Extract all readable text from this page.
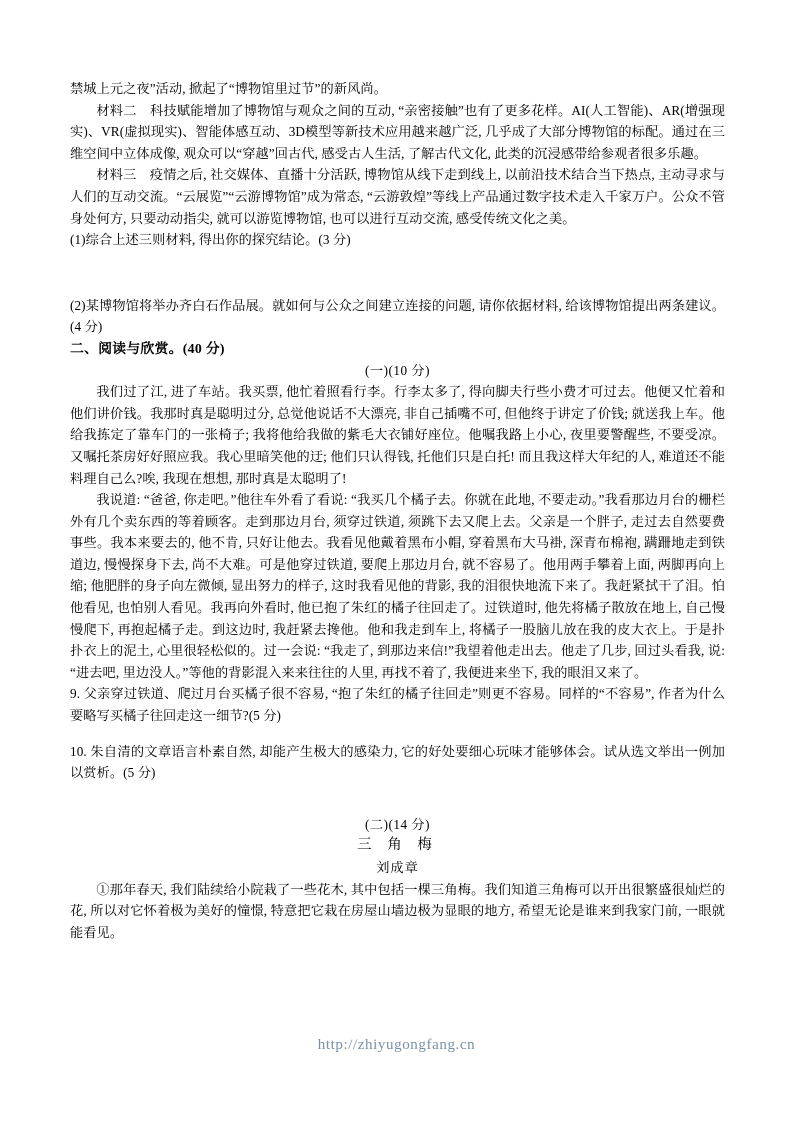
禁城上元之夜”活动, 掀起了“博物馆里过节”的新风尚。

材料二　科技赋能增加了博物馆与观众之间的互动, “亲密接触”也有了更多花样。AI(人工智能)、AR(增强现实)、VR(虚拟现实)、智能体感互动、3D模型等新技术应用越来越广泛, 几乎成了大部分博物馆的标配。通过在三维空间中立体成像, 观众可以“穿越”回古代, 感受古人生活, 了解古代文化, 此类的沉浸感带给参观者很多乐趣。

材料三　疫情之后, 社交媒体、直播十分活跃, 博物馆从线下走到线上, 以前沿技术结合当下热点, 主动寻求与人们的互动交流。“云展览”“云游博物馆”成为常态, “云游敦煌”等线上产品通过数字技术走入千家万户。公众不管身处何方, 只要动动指尖, 就可以游览博物馆, 也可以进行互动交流, 感受传统文化之美。

(1)综合上述三则材料, 得出你的探究结论。(3 分)

(2)某博物馆将举办齐白石作品展。就如何与公众之间建立连接的问题, 请你依据材料, 给该博物馆提出两条建议。(4 分)

二、阅读与欣赏。(40 分)

(一)(10 分)

我们过了江, 进了车站。我买票, 他忙着照看行李。行李太多了, 得向脚夫行些小费才可过去。他便又忙着和他们讲价钱。我那时真是聪明过分, 总觉他说话不大漂亮, 非自己插嘴不可, 但他终于讲定了价钱; 就送我上车。他给我拣定了靠车门的一张椅子; 我将他给我做的紫毛大衣铺好座位。他嘱我路上小心, 夜里要警醒些, 不要受凉。又嘱托茶房好好照应我。我心里暗笑他的迂; 他们只认得钱, 托他们只是白托! 而且我这样大年纪的人, 难道还不能料理自己么?唉, 我现在想想, 那时真是太聪明了!

我说道: “爸爸, 你走吧。”他往车外看了看说: “我买几个橘子去。你就在此地, 不要走动。”我看那边月台的栅栏外有几个卖东西的等着顾客。走到那边月台, 须穿过铁道, 须跳下去又爬上去。父亲是一个胖子, 走过去自然要费事些。我本来要去的, 他不肯, 只好让他去。我看见他戴着黑布小帽, 穿着黑布大马褂, 深青布棉袍, 蹒跚地走到铁道边, 慢慢探身下去, 尚不大难。可是他穿过铁道, 要爬上那边月台, 就不容易了。他用两手攀着上面, 两脚再向上缩; 他肥胖的身子向左微倾, 显出努力的样子, 这时我看见他的背影, 我的泪很快地流下来了。我赶紧拭干了泪。怕他看见, 也怕别人看见。我再向外看时, 他已抱了朱红的橘子往回走了。过铁道时, 他先将橘子散放在地上, 自己慢慢爬下, 再抱起橘子走。到这边时, 我赶紧去搀他。他和我走到车上, 将橘子一股脑儿放在我的皮大衣上。于是扑扑衣上的泥土, 心里很轻松似的。过一会说: “我走了, 到那边来信!”我望着他走出去。他走了几步, 回过头看我, 说: “进去吧, 里边没人。”等他的背影混入来来往往的人里, 再找不着了, 我便进来坐下, 我的眼泪又来了。

9. 父亲穿过铁道、爬过月台买橘子很不容易, “抱了朱红的橘子往回走”则更不容易。同样的“不容易”, 作者为什么要略写买橘子往回走这一细节?(5 分)

10. 朱自清的文章语言朴素自然, 却能产生极大的感染力, 它的好处要细心玩味才能够体会。试从选文举出一例加以赏析。(5 分)

(二)(14 分)

三 角 梅

刘成章

①那年春天, 我们陆续给小院栽了一些花木, 其中包括一棵三角梅。我们知道三角梅可以开出很繁盛很灿烂的花, 所以对它怀着极为美好的憧憬, 特意把它栽在房屋山墙边极为显眼的地方, 希望无论是谁来到我家门前, 一眼就能看见。

http://zhiyugongfang.cn
